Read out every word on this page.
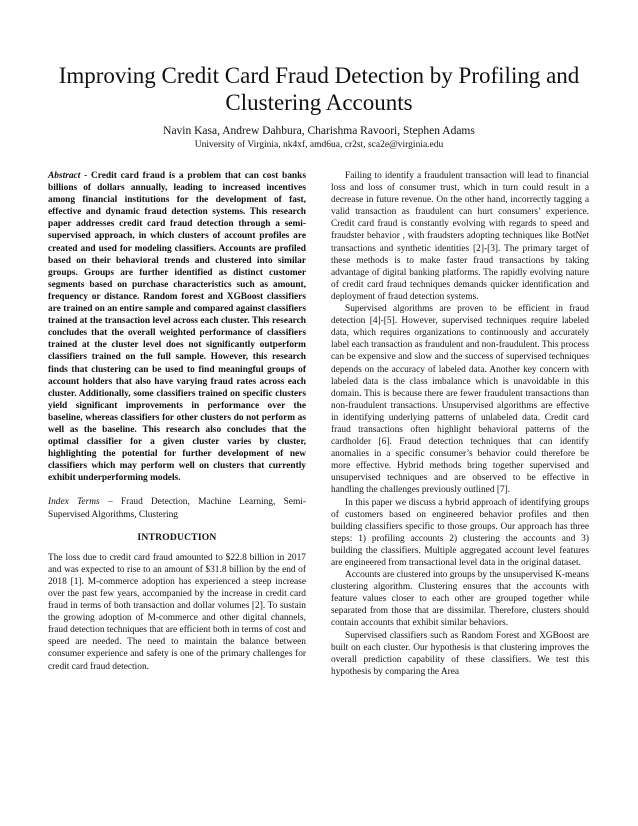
Improving Credit Card Fraud Detection by Profiling and Clustering Accounts
Navin Kasa, Andrew Dahbura, Charishma Ravoori, Stephen Adams
University of Virginia, nk4xf, amd6ua, cr2st, sca2e@virginia.edu

Abstract - Credit card fraud is a problem that can cost banks billions of dollars annually, leading to increased incentives among financial institutions for the development of fast, effective and dynamic fraud detection systems. This research paper addresses credit card fraud detection through a semi-supervised approach, in which clusters of account profiles are created and used for modeling classifiers. Accounts are profiled based on their behavioral trends and clustered into similar groups. Groups are further identified as distinct customer segments based on purchase characteristics such as amount, frequency or distance. Random forest and XGBoost classifiers are trained on an entire sample and compared against classifiers trained at the transaction level across each cluster. This research concludes that the overall weighted performance of classifiers trained at the cluster level does not significantly outperform classifiers trained on the full sample. However, this research finds that clustering can be used to find meaningful groups of account holders that also have varying fraud rates across each cluster. Additionally, some classifiers trained on specific clusters yield significant improvements in performance over the baseline, whereas classifiers for other clusters do not perform as well as the baseline. This research also concludes that the optimal classifier for a given cluster varies by cluster, highlighting the potential for further development of new classifiers which may perform well on clusters that currently exhibit underperforming models.

Index Terms – Fraud Detection, Machine Learning, Semi-Supervised Algorithms, Clustering

INTRODUCTION

The loss due to credit card fraud amounted to $22.8 billion in 2017 and was expected to rise to an amount of $31.8 billion by the end of 2018 [1]. M-commerce adoption has experienced a steep increase over the past few years, accompanied by the increase in credit card fraud in terms of both transaction and dollar volumes [2]. To sustain the growing adoption of M-commerce and other digital channels, fraud detection techniques that are efficient both in terms of cost and speed are needed. The need to maintain the balance between consumer experience and safety is one of the primary challenges for credit card fraud detection.

Failing to identify a fraudulent transaction will lead to financial loss and loss of consumer trust, which in turn could result in a decrease in future revenue. On the other hand, incorrectly tagging a valid transaction as fraudulent can hurt consumers’ experience. Credit card fraud is constantly evolving with regards to speed and fraudster behavior , with fraudsters adopting techniques like BotNet transactions and synthetic identities [2]-[3]. The primary target of these methods is to make faster fraud transactions by taking advantage of digital banking platforms. The rapidly evolving nature of credit card fraud techniques demands quicker identification and deployment of fraud detection systems.

Supervised algorithms are proven to be efficient in fraud detection [4]-[5]. However, supervised techniques require labeled data, which requires organizations to continuously and accurately label each transaction as fraudulent and non-fraudulent. This process can be expensive and slow and the success of supervised techniques depends on the accuracy of labeled data. Another key concern with labeled data is the class imbalance which is unavoidable in this domain. This is because there are fewer fraudulent transactions than non-fraudulent transactions. Unsupervised algorithms are effective in identifying underlying patterns of unlabeled data. Credit card fraud transactions often highlight behavioral patterns of the cardholder [6]. Fraud detection techniques that can identify anomalies in a specific consumer’s behavior could therefore be more effective. Hybrid methods bring together supervised and unsupervised techniques and are observed to be effective in handling the challenges previously outlined [7].

In this paper we discuss a hybrid approach of identifying groups of customers based on engineered behavior profiles and then building classifiers specific to those groups. Our approach has three steps: 1) profiling accounts 2) clustering the accounts and 3) building the classifiers. Multiple aggregated account level features are engineered from transactional level data in the original dataset.

Accounts are clustered into groups by the unsupervised K-means clustering algorithm. Clustering ensures that the accounts with feature values closer to each other are grouped together while separated from those that are dissimilar. Therefore, clusters should contain accounts that exhibit similar behaviors.

Supervised classifiers such as Random Forest and XGBoost are built on each cluster. Our hypothesis is that clustering improves the overall prediction capability of these classifiers. We test this hypothesis by comparing the Area
